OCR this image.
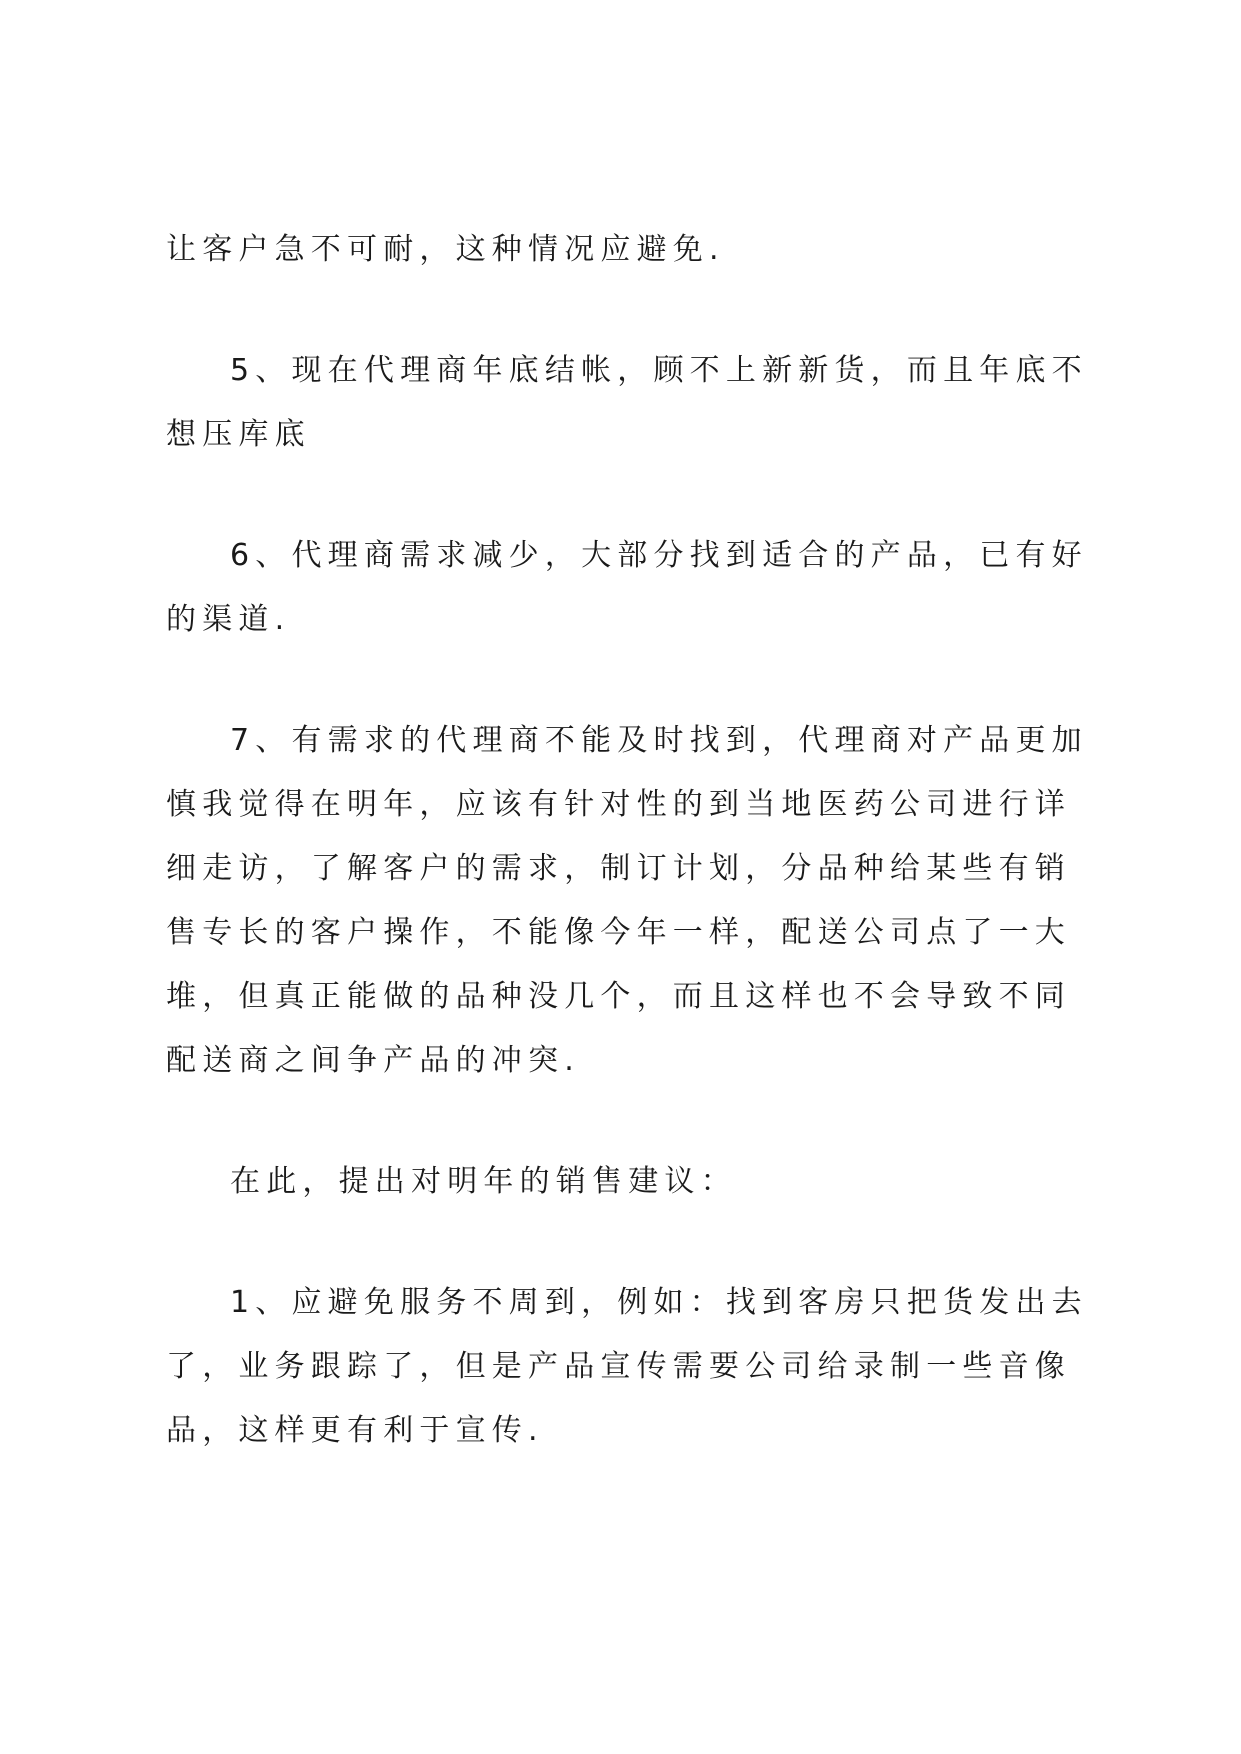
让客户急不可耐，这种情况应避免.

5、现在代理商年底结帐，顾不上新新货，而且年底不想压库底

6、代理商需求减少，大部分找到适合的产品，已有好的渠道.

7、有需求的代理商不能及时找到，代理商对产品更加慎我觉得在明年，应该有针对性的到当地医药公司进行详细走访，了解客户的需求，制订计划，分品种给某些有销售专长的客户操作，不能像今年一样，配送公司点了一大堆，但真正能做的品种没几个，而且这样也不会导致不同配送商之间争产品的冲突.

在此，提出对明年的销售建议：

1、应避免服务不周到，例如：找到客房只把货发出去了，业务跟踪了，但是产品宣传需要公司给录制一些音像品，这样更有利于宣传.
